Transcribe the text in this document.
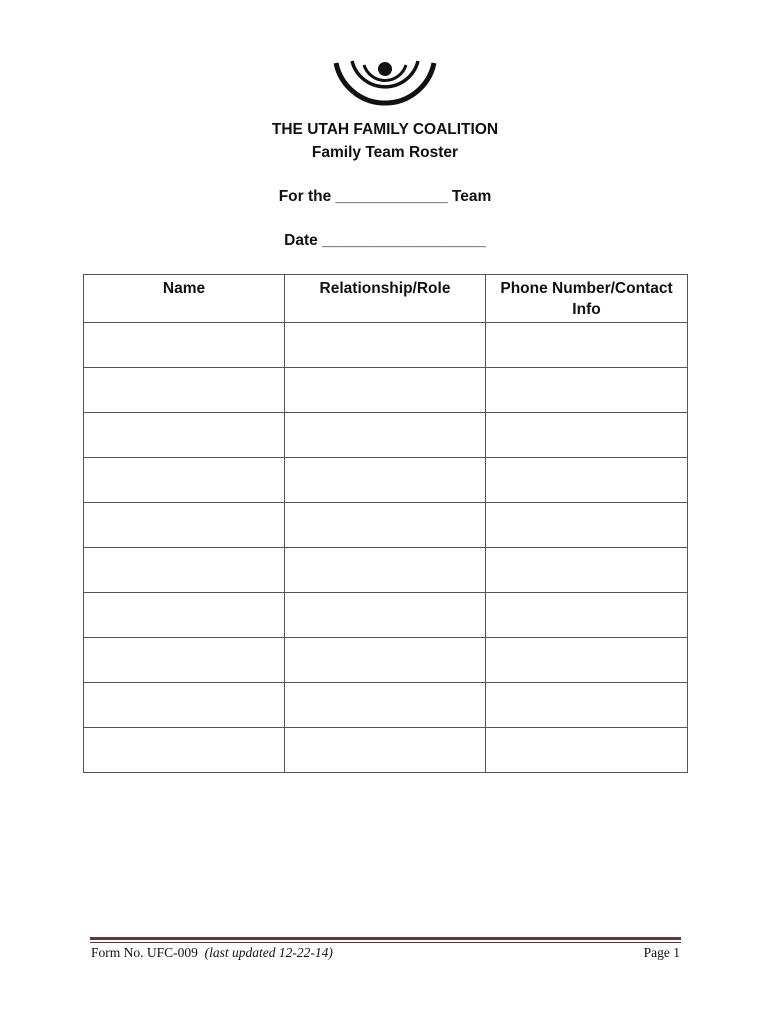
THE UTAH FAMILY COALITION
Family Team Roster
For the _____________ Team
Date ___________________
Name	Relationship/Role	Phone Number/Contact Info

Form No. UFC-009  (last updated 12-22-14)	Page 1
